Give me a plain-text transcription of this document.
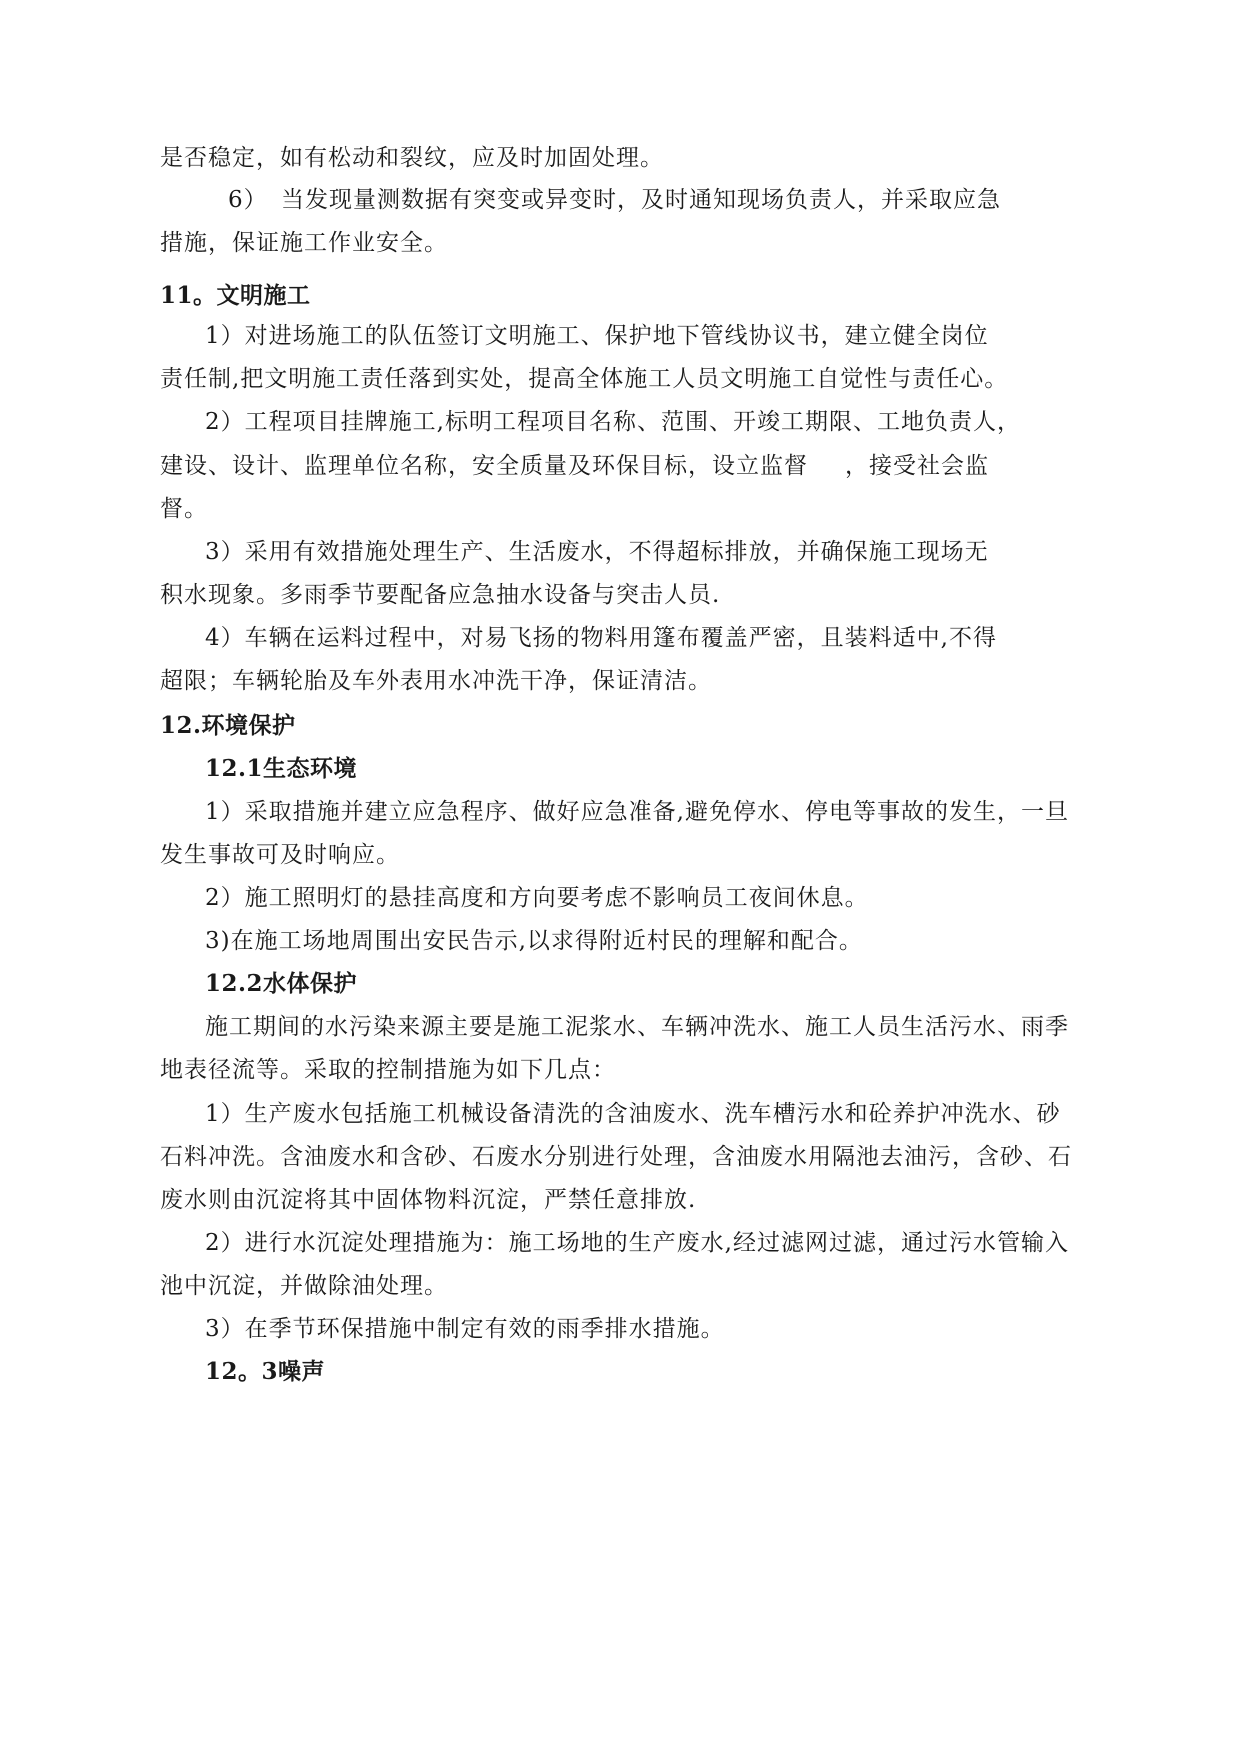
是否稳定，如有松动和裂纹，应及时加固处理。

6） 当发现量测数据有突变或异变时，及时通知现场负责人，并采取应急

措施，保证施工作业安全。

11。文明施工

1）对进场施工的队伍签订文明施工、保护地下管线协议书，建立健全岗位

责任制,把文明施工责任落到实处，提高全体施工人员文明施工自觉性与责任心。

2）工程项目挂牌施工,标明工程项目名称、范围、开竣工期限、工地负责人，

建设、设计、监理单位名称，安全质量及环保目标，设立监督 ，接受社会监

督。

3）采用有效措施处理生产、生活废水，不得超标排放，并确保施工现场无

积水现象。多雨季节要配备应急抽水设备与突击人员.

4）车辆在运料过程中，对易飞扬的物料用篷布覆盖严密，且装料适中,不得

超限；车辆轮胎及车外表用水冲洗干净，保证清洁。

12.环境保护

12.1生态环境

1）采取措施并建立应急程序、做好应急准备,避免停水、停电等事故的发生，一旦

发生事故可及时响应。

2）施工照明灯的悬挂高度和方向要考虑不影响员工夜间休息。

3)在施工场地周围出安民告示,以求得附近村民的理解和配合。

12.2水体保护

施工期间的水污染来源主要是施工泥浆水、车辆冲洗水、施工人员生活污水、雨季

地表径流等。采取的控制措施为如下几点：

1）生产废水包括施工机械设备清洗的含油废水、洗车槽污水和砼养护冲洗水、砂

石料冲洗。含油废水和含砂、石废水分别进行处理，含油废水用隔池去油污，含砂、石

废水则由沉淀将其中固体物料沉淀，严禁任意排放.

2）进行水沉淀处理措施为：施工场地的生产废水,经过滤网过滤，通过污水管输入

池中沉淀，并做除油处理。

3）在季节环保措施中制定有效的雨季排水措施。

12。3噪声
